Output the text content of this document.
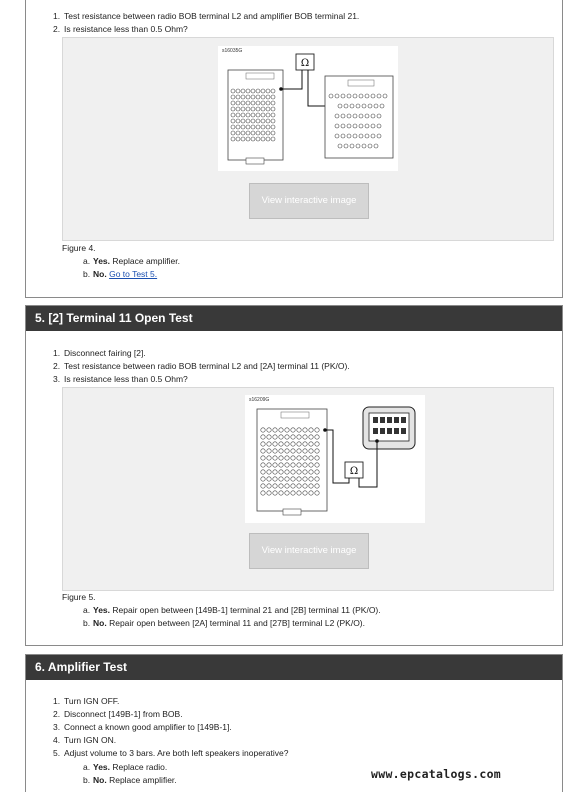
1. Test resistance between radio BOB terminal L2 and amplifier BOB terminal 21.
2. Is resistance less than 0.5 Ohm?
s16035G
Ω
View interactive image
Figure 4.
a. Yes. Replace amplifier.
b. No. Go to Test 5.
5. [2] Terminal 11 Open Test
1. Disconnect fairing [2].
2. Test resistance between radio BOB terminal L2 and [2A] terminal 11 (PK/O).
3. Is resistance less than 0.5 Ohm?
s16209G
Ω
View interactive image
Figure 5.
a. Yes. Repair open between [149B-1] terminal 21 and [2B] terminal 11 (PK/O).
b. No. Repair open between [2A] terminal 11 and [27B] terminal L2 (PK/O).
6. Amplifier Test
1. Turn IGN OFF.
2. Disconnect [149B-1] from BOB.
3. Connect a known good amplifier to [149B-1].
4. Turn IGN ON.
5. Adjust volume to 3 bars. Are both left speakers inoperative?
a. Yes. Replace radio.
b. No. Replace amplifier.	www.epcatalogs.com
